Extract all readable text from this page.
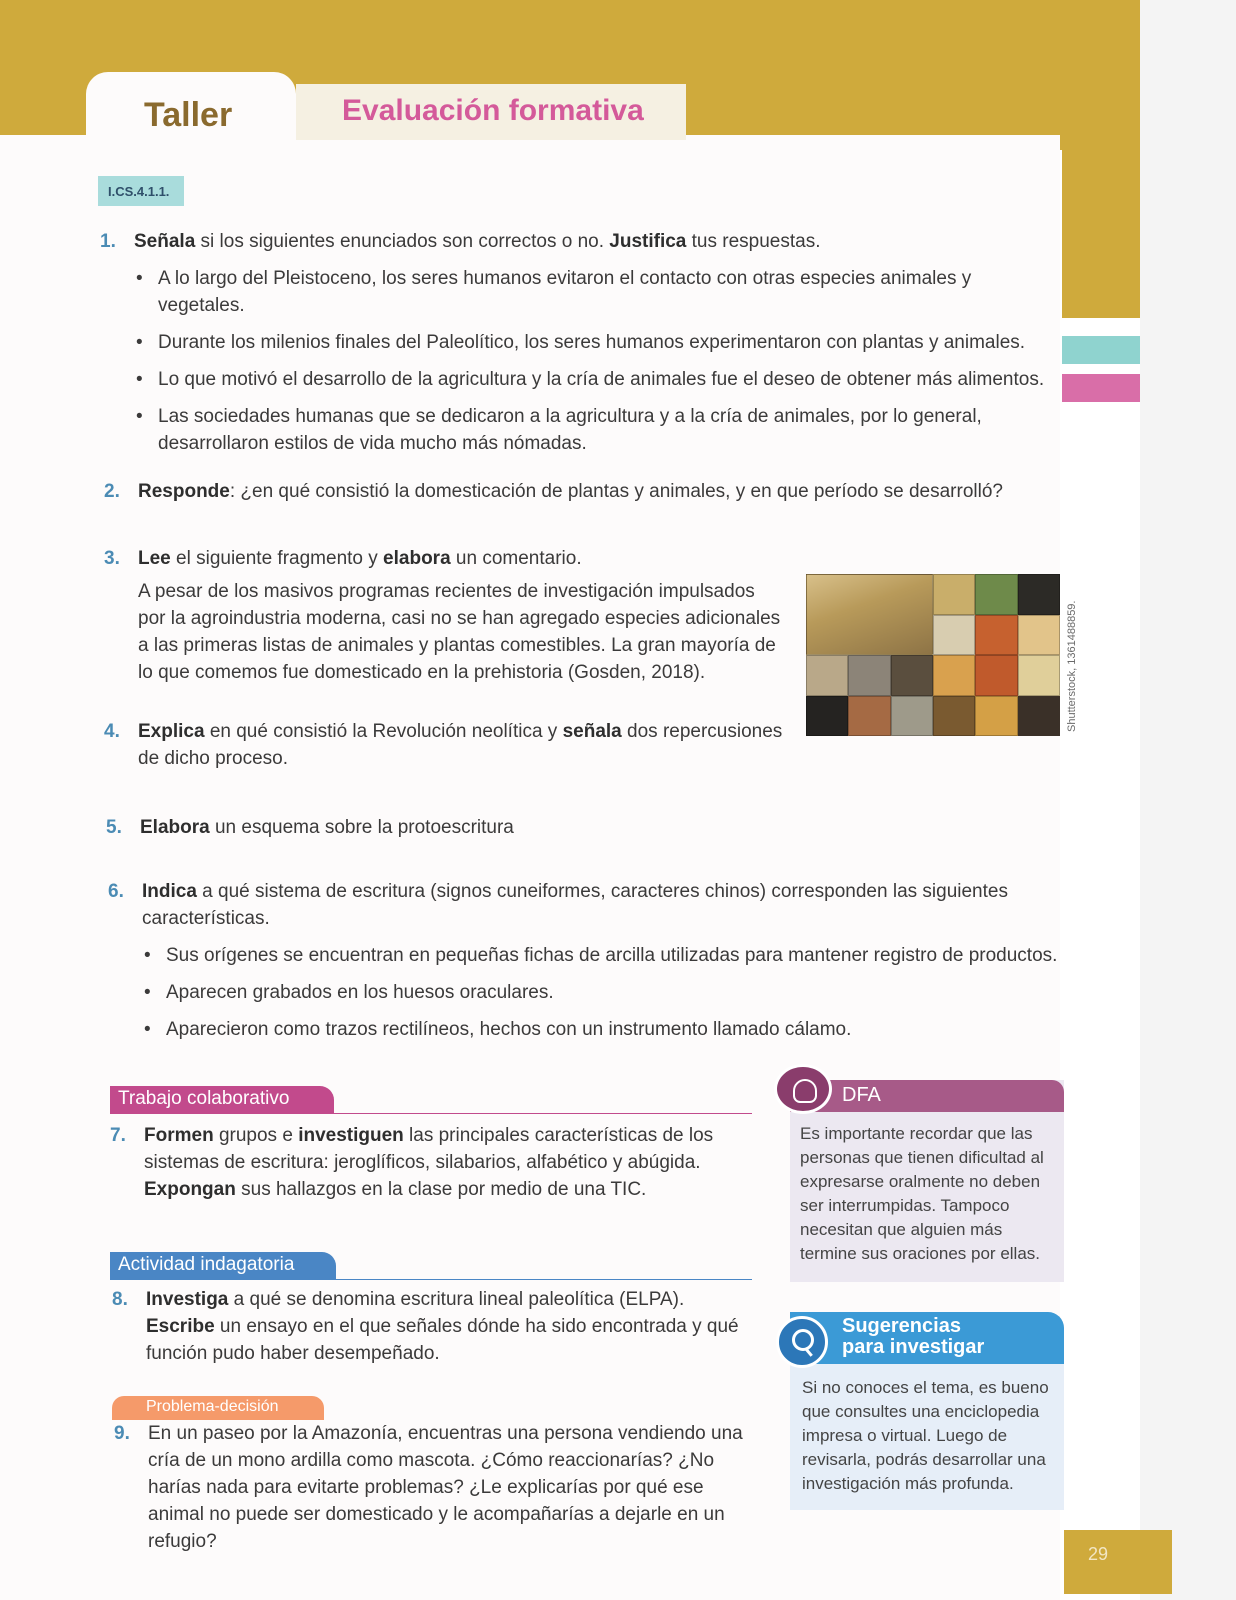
Taller	Evaluación formativa
I.CS.4.1.1.
1. Señala si los siguientes enunciados son correctos o no. Justifica tus respuestas.
• A lo largo del Pleistoceno, los seres humanos evitaron el contacto con otras especies animales y vegetales.
• Durante los milenios finales del Paleolítico, los seres humanos experimentaron con plantas y animales.
• Lo que motivó el desarrollo de la agricultura y la cría de animales fue el deseo de obtener más alimentos.
• Las sociedades humanas que se dedicaron a la agricultura y a la cría de animales, por lo general, desarrollaron estilos de vida mucho más nómadas.
2. Responde: ¿en qué consistió la domesticación de plantas y animales, y en que período se desarrolló?
3. Lee el siguiente fragmento y elabora un comentario.

A pesar de los masivos programas recientes de investigación impulsados por la agroindustria moderna, casi no se han agregado especies adicionales a las primeras listas de animales y plantas comestibles. La gran mayoría de lo que comemos fue domesticado en la prehistoria (Gosden, 2018).	Shutterstock, 1361488859.
4. Explica en qué consistió la Revolución neolítica y señala dos repercusiones de dicho proceso.
5. Elabora un esquema sobre la protoescritura
6. Indica a qué sistema de escritura (signos cuneiformes, caracteres chinos) corresponden las siguientes características.
• Sus orígenes se encuentran en pequeñas fichas de arcilla utilizadas para mantener registro de productos.
• Aparecen grabados en los huesos oraculares.
• Aparecieron como trazos rectilíneos, hechos con un instrumento llamado cálamo.
Trabajo colaborativo
7. Formen grupos e investiguen las principales características de los sistemas de escritura: jeroglíficos, silabarios, alfabético y abúgida. Expongan sus hallazgos en la clase por medio de una TIC.
Actividad indagatoria
8. Investiga a qué se denomina escritura lineal paleolítica (ELPA). Escribe un ensayo en el que señales dónde ha sido encontrada y qué función pudo haber desempeñado.
Problema-decisión
9. En un paseo por la Amazonía, encuentras una persona vendiendo una cría de un mono ardilla como mascota. ¿Cómo reaccionarías? ¿No harías nada para evitarte problemas? ¿Le explicarías por qué ese animal no puede ser domesticado y le acompañarías a dejarle en un refugio?
DFA
Es importante recordar que las personas que tienen dificultad al expresarse oralmente no deben ser interrumpidas. Tampoco necesitan que alguien más termine sus oraciones por ellas.
Sugerencias
para investigar
Si no conoces el tema, es bueno que consultes una enciclopedia impresa o virtual. Luego de revisarla, podrás desarrollar una investigación más profunda.
29
